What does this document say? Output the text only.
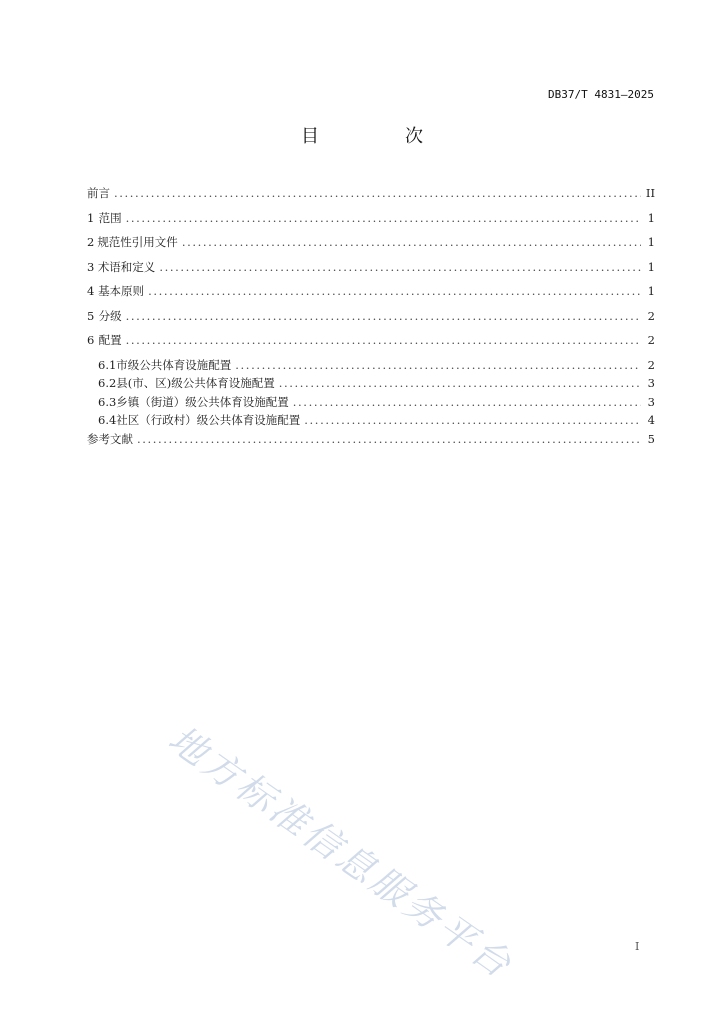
DB37/T 4831—2025
目　次
前言 .....	II
1 范围 .....	1
2 规范性引用文件 .....	1
3 术语和定义 .....	1
4 基本原则 .....	1
5 分级 .....	2
6 配置 .....	2
6.1 市级公共体育设施配置 .....	2
6.2 县(市、区)级公共体育设施配置 .....	3
6.3 乡镇（街道）级公共体育设施配置 .....	3
6.4 社区（行政村）级公共体育设施配置 .....	4
参考文献 .....	5
地方标准信息服务平台	I
